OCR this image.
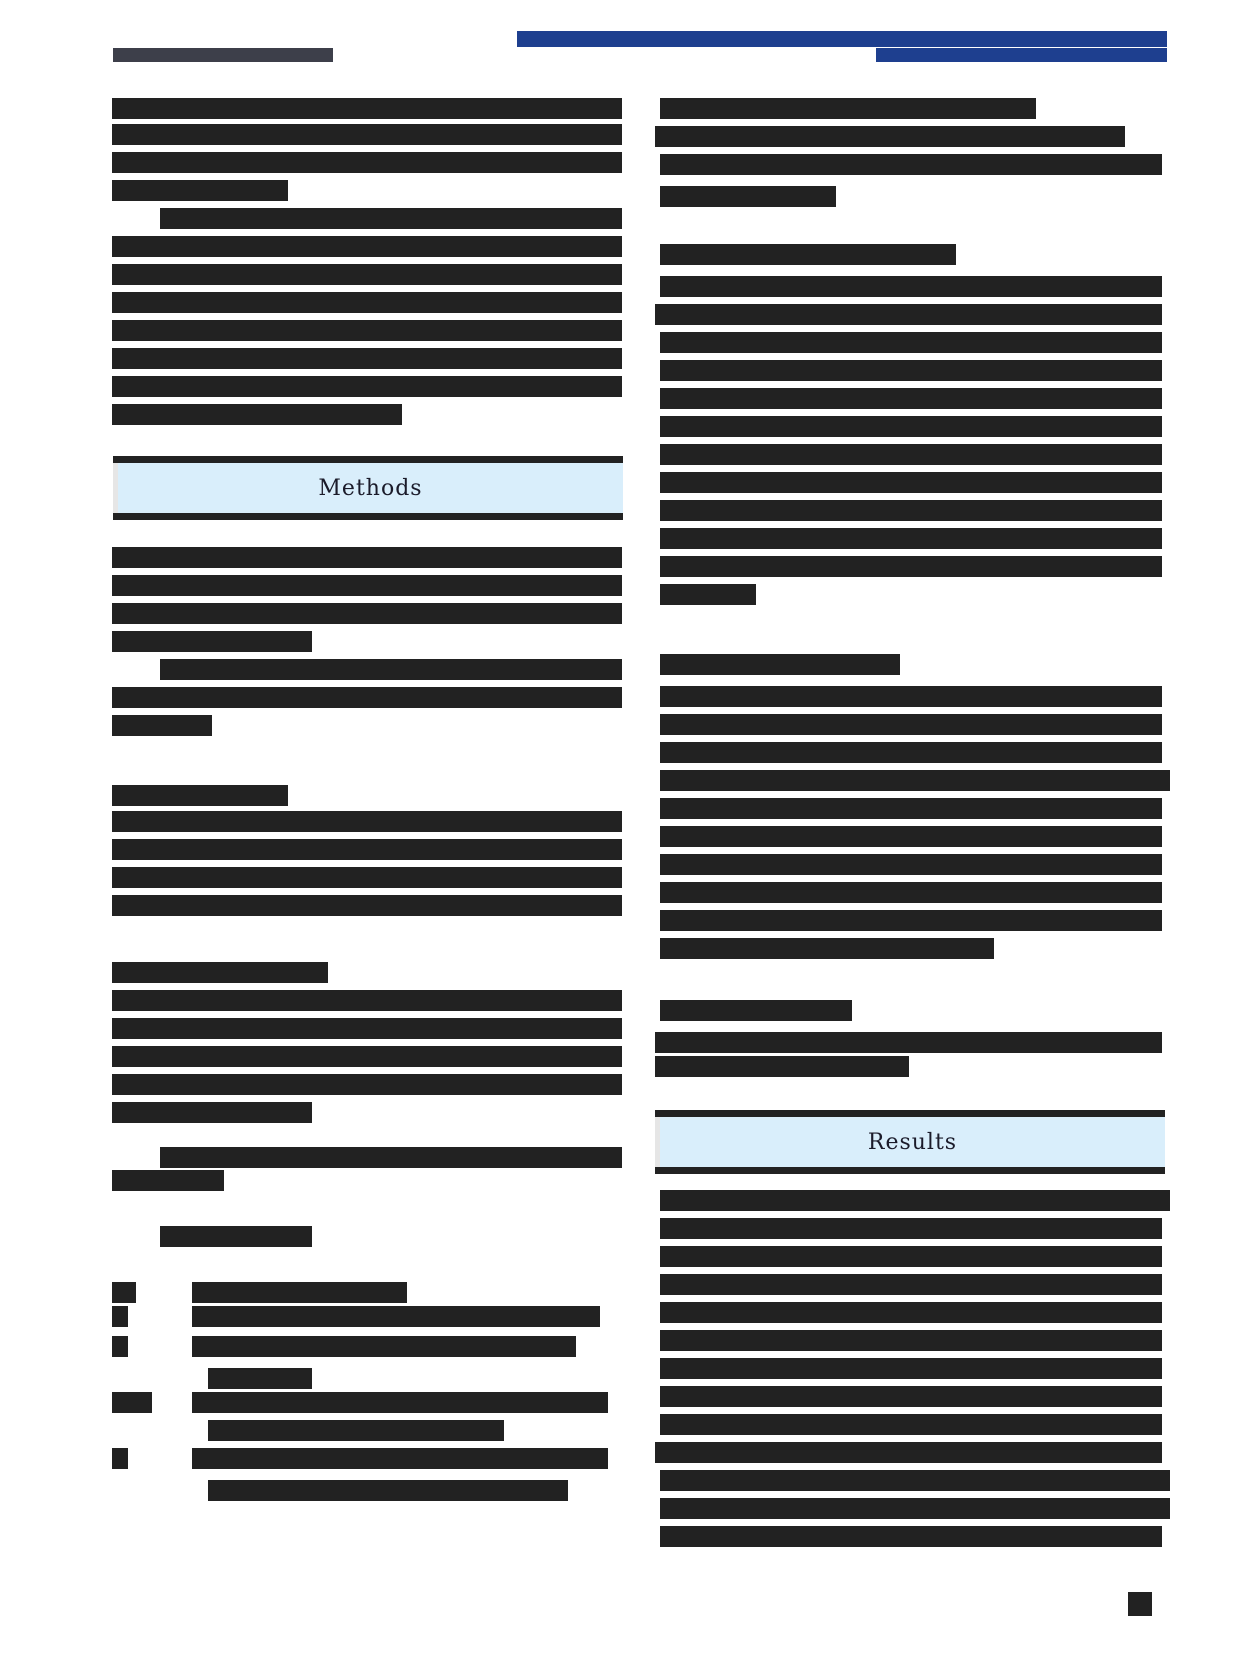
Methods
Results
